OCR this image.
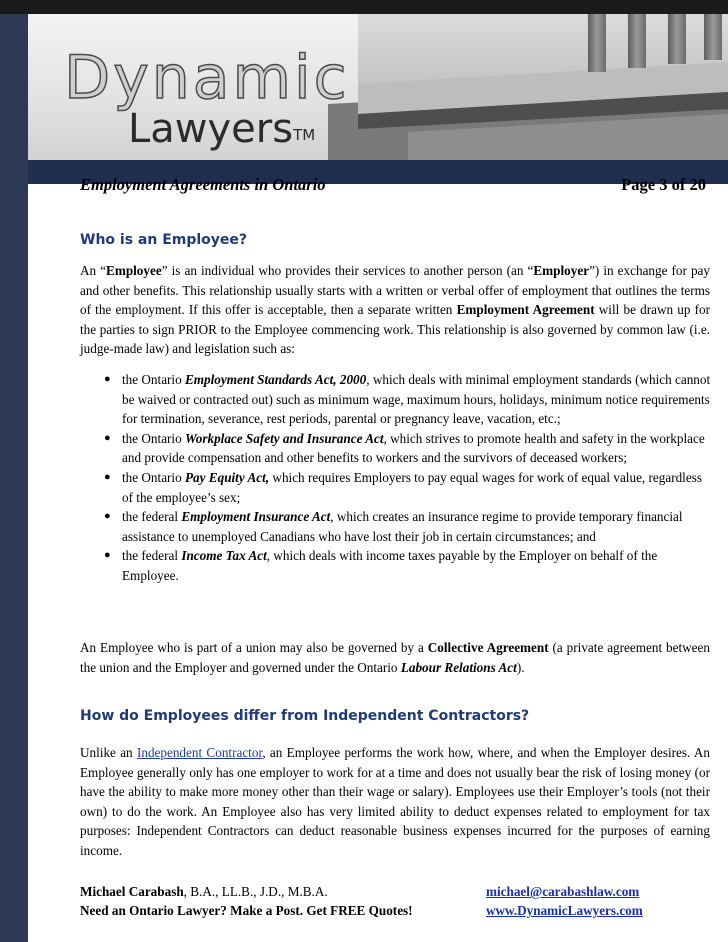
Dynamic
Lawyers™
Employment Agreements in Ontario	Page 3 of 20
Who is an Employee?

An “Employee” is an individual who provides their services to another person (an “Employer”) in exchange for pay and other benefits. This relationship usually starts with a written or verbal offer of employment that outlines the terms of the employment. If this offer is acceptable, then a separate written Employment Agreement will be drawn up for the parties to sign PRIOR to the Employee commencing work. This relationship is also governed by common law (i.e. judge-made law) and legislation such as:

● the Ontario Employment Standards Act, 2000, which deals with minimal employment standards (which cannot be waived or contracted out) such as minimum wage, maximum hours, holidays, minimum notice requirements for termination, severance, rest periods, parental or pregnancy leave, vacation, etc.;
● the Ontario Workplace Safety and Insurance Act, which strives to promote health and safety in the workplace and provide compensation and other benefits to workers and the survivors of deceased workers;
● the Ontario Pay Equity Act, which requires Employers to pay equal wages for work of equal value, regardless of the employee’s sex;
● the federal Employment Insurance Act, which creates an insurance regime to provide temporary financial assistance to unemployed Canadians who have lost their job in certain circumstances; and
● the federal Income Tax Act, which deals with income taxes payable by the Employer on behalf of the Employee.

An Employee who is part of a union may also be governed by a Collective Agreement (a private agreement between the union and the Employer and governed under the Ontario Labour Relations Act).

How do Employees differ from Independent Contractors?

Unlike an Independent Contractor, an Employee performs the work how, where, and when the Employer desires. An Employee generally only has one employer to work for at a time and does not usually bear the risk of losing money (or have the ability to make more money other than their wage or salary). Employees use their Employer’s tools (not their own) to do the work. An Employee also has very limited ability to deduct expenses related to employment for tax purposes: Independent Contractors can deduct reasonable business expenses incurred for the purposes of earning income.

Michael Carabash, B.A., LL.B., J.D., M.B.A.
Need an Ontario Lawyer? Make a Post. Get FREE Quotes!
michael@carabashlaw.com
www.DynamicLawyers.com
